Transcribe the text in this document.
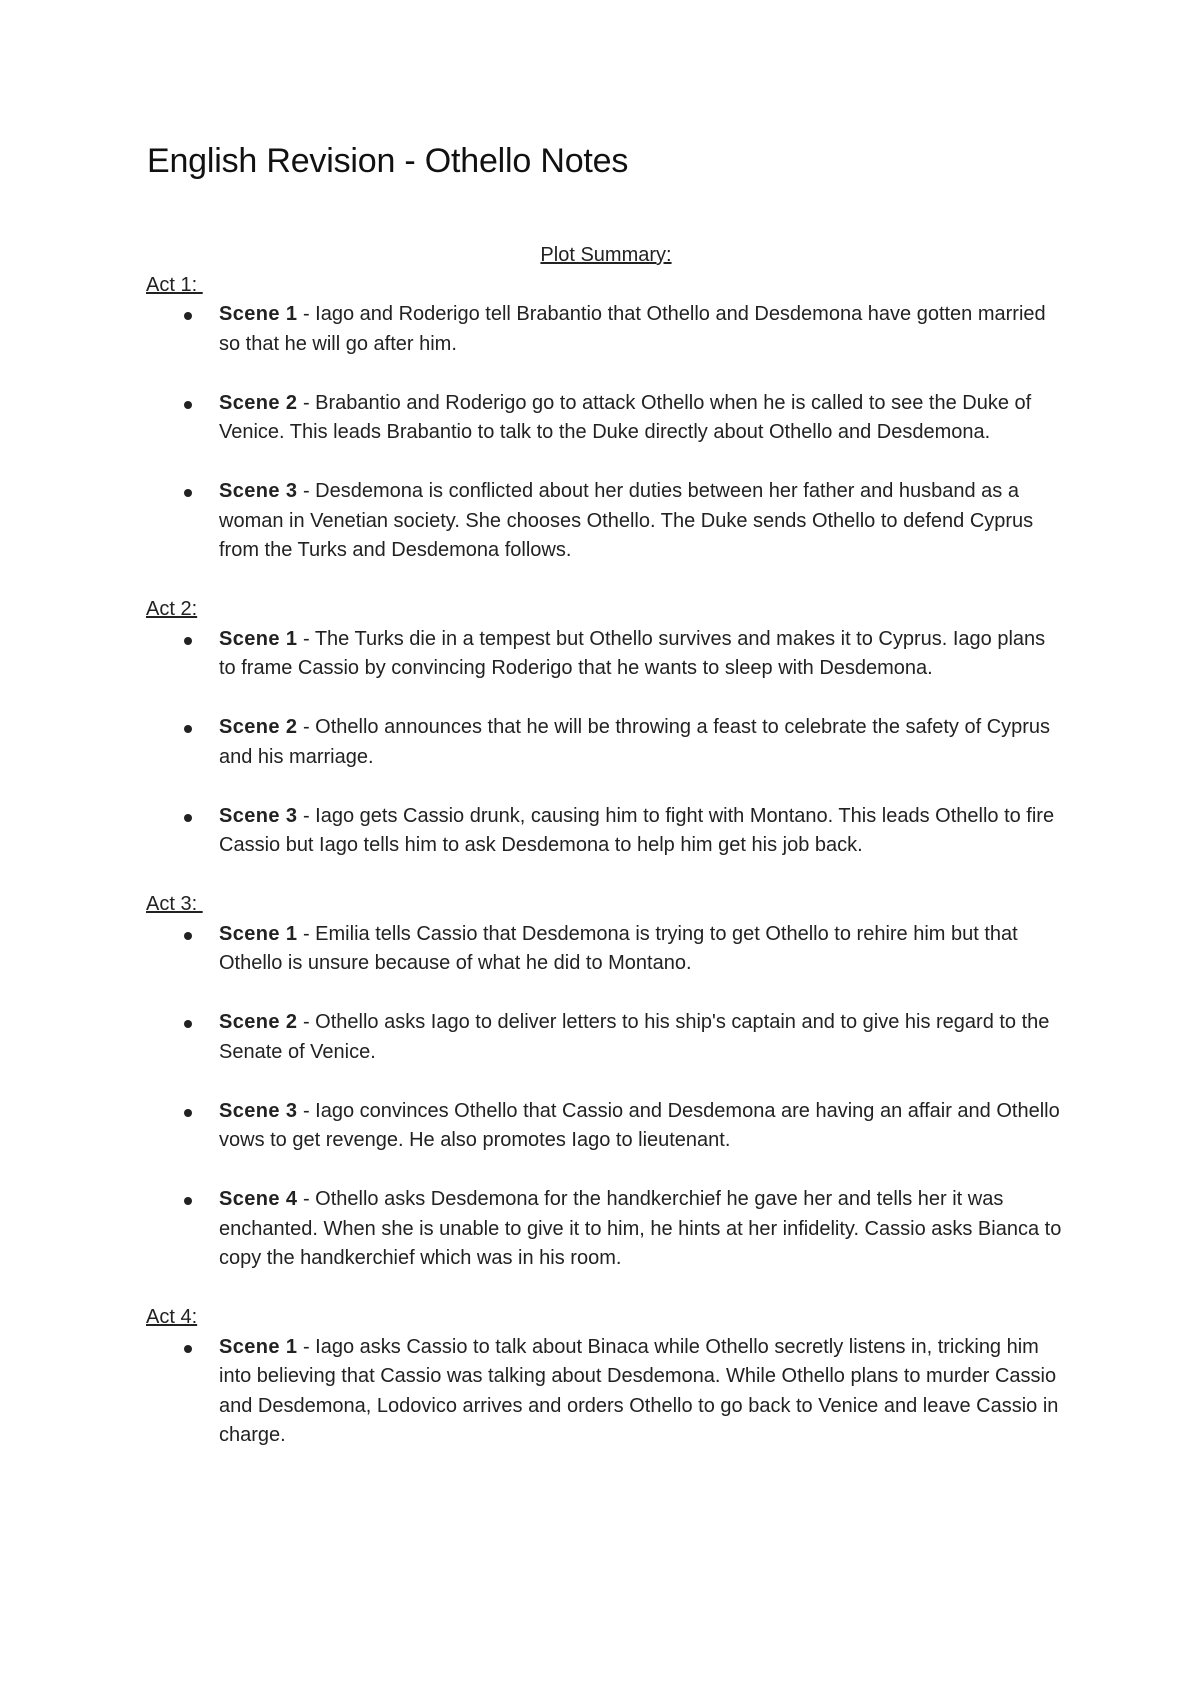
English Revision - Othello Notes

Plot Summary:

Act 1:

Scene 1 - Iago and Roderigo tell Brabantio that Othello and Desdemona have gotten married so that he will go after him.
Scene 2 - Brabantio and Roderigo go to attack Othello when he is called to see the Duke of Venice. This leads Brabantio to talk to the Duke directly about Othello and Desdemona.
Scene 3 - Desdemona is conflicted about her duties between her father and husband as a woman in Venetian society. She chooses Othello. The Duke sends Othello to defend Cyprus from the Turks and Desdemona follows.

Act 2:

Scene 1 - The Turks die in a tempest but Othello survives and makes it to Cyprus. Iago plans to frame Cassio by convincing Roderigo that he wants to sleep with Desdemona.
Scene 2 - Othello announces that he will be throwing a feast to celebrate the safety of Cyprus and his marriage.
Scene 3 - Iago gets Cassio drunk, causing him to fight with Montano. This leads Othello to fire Cassio but Iago tells him to ask Desdemona to help him get his job back.

Act 3:

Scene 1 - Emilia tells Cassio that Desdemona is trying to get Othello to rehire him but that Othello is unsure because of what he did to Montano.
Scene 2 - Othello asks Iago to deliver letters to his ship's captain and to give his regard to the Senate of Venice.
Scene 3 - Iago convinces Othello that Cassio and Desdemona are having an affair and Othello vows to get revenge. He also promotes Iago to lieutenant.
Scene 4 - Othello asks Desdemona for the handkerchief he gave her and tells her it was enchanted. When she is unable to give it to him, he hints at her infidelity. Cassio asks Bianca to copy the handkerchief which was in his room.

Act 4:

Scene 1 - Iago asks Cassio to talk about Binaca while Othello secretly listens in, tricking him into believing that Cassio was talking about Desdemona. While Othello plans to murder Cassio and Desdemona, Lodovico arrives and orders Othello to go back to Venice and leave Cassio in charge.
